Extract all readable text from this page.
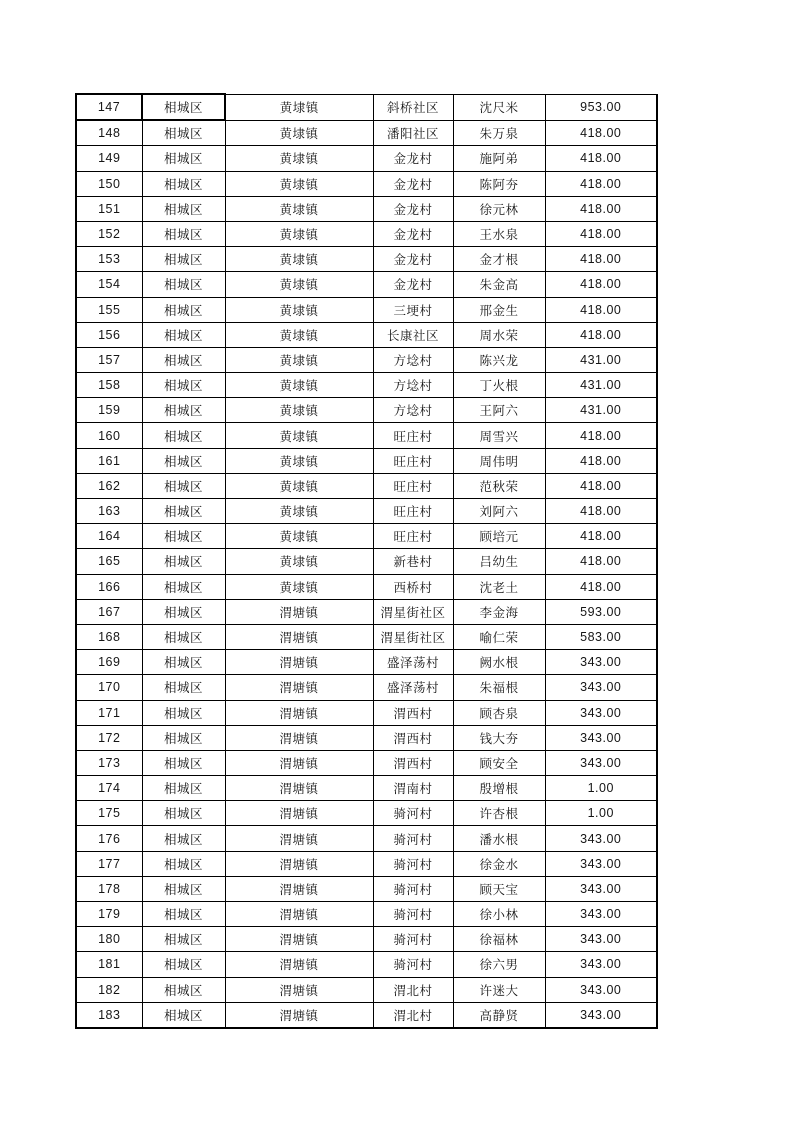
147	相城区	黄埭镇	斜桥社区	沈尺米	953.00
148	相城区	黄埭镇	潘阳社区	朱万泉	418.00
149	相城区	黄埭镇	金龙村	施阿弟	418.00
150	相城区	黄埭镇	金龙村	陈阿夯	418.00
151	相城区	黄埭镇	金龙村	徐元林	418.00
152	相城区	黄埭镇	金龙村	王水泉	418.00
153	相城区	黄埭镇	金龙村	金才根	418.00
154	相城区	黄埭镇	金龙村	朱金高	418.00
155	相城区	黄埭镇	三埂村	邢金生	418.00
156	相城区	黄埭镇	长康社区	周水荣	418.00
157	相城区	黄埭镇	方埝村	陈兴龙	431.00
158	相城区	黄埭镇	方埝村	丁火根	431.00
159	相城区	黄埭镇	方埝村	王阿六	431.00
160	相城区	黄埭镇	旺庄村	周雪兴	418.00
161	相城区	黄埭镇	旺庄村	周伟明	418.00
162	相城区	黄埭镇	旺庄村	范秋荣	418.00
163	相城区	黄埭镇	旺庄村	刘阿六	418.00
164	相城区	黄埭镇	旺庄村	顾培元	418.00
165	相城区	黄埭镇	新巷村	吕幼生	418.00
166	相城区	黄埭镇	西桥村	沈老土	418.00
167	相城区	渭塘镇	渭星街社区	李金海	593.00
168	相城区	渭塘镇	渭星街社区	喻仁荣	583.00
169	相城区	渭塘镇	盛泽荡村	阙水根	343.00
170	相城区	渭塘镇	盛泽荡村	朱福根	343.00
171	相城区	渭塘镇	渭西村	顾杏泉	343.00
172	相城区	渭塘镇	渭西村	钱大夯	343.00
173	相城区	渭塘镇	渭西村	顾安全	343.00
174	相城区	渭塘镇	渭南村	殷增根	1.00
175	相城区	渭塘镇	骑河村	许杏根	1.00
176	相城区	渭塘镇	骑河村	潘水根	343.00
177	相城区	渭塘镇	骑河村	徐金水	343.00
178	相城区	渭塘镇	骑河村	顾天宝	343.00
179	相城区	渭塘镇	骑河村	徐小林	343.00
180	相城区	渭塘镇	骑河村	徐福林	343.00
181	相城区	渭塘镇	骑河村	徐六男	343.00
182	相城区	渭塘镇	渭北村	许迷大	343.00
183	相城区	渭塘镇	渭北村	高静贤	343.00
